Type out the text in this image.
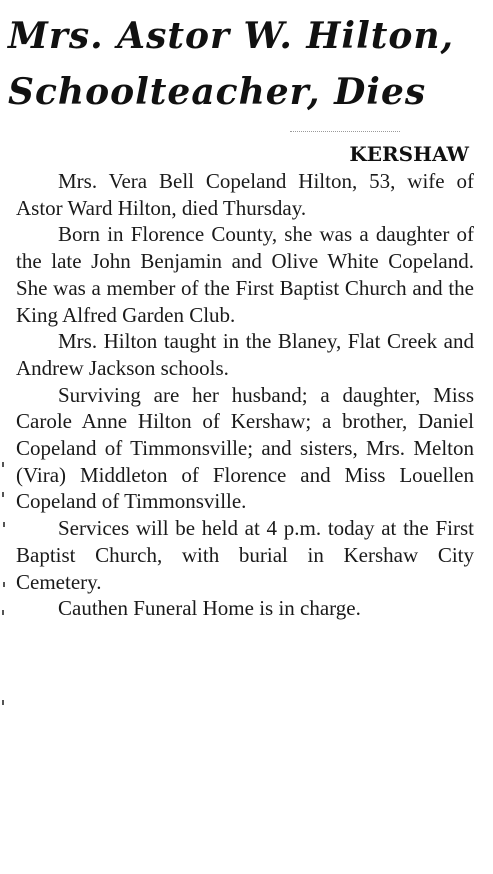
Mrs. Astor W. Hilton,
Schoolteacher, Dies
KERSHAW

Mrs. Vera Bell Copeland Hilton, 53, wife of Astor Ward Hilton, died Thursday.

Born in Florence County, she was a daughter of the late John Benjamin and Olive White Copeland. She was a member of the First Baptist Church and the King Alfred Garden Club.

Mrs. Hilton taught in the Blaney, Flat Creek and Andrew Jackson schools.

Surviving are her husband; a daughter, Miss Carole Anne Hilton of Kershaw; a brother, Daniel Copeland of Timmonsville; and sisters, Mrs. Melton (Vira) Middleton of Florence and Miss Louellen Copeland of Timmonsville.

Services will be held at 4 p.m. today at the First Baptist Church, with burial in Kershaw City Cemetery.

Cauthen Funeral Home is in charge.
